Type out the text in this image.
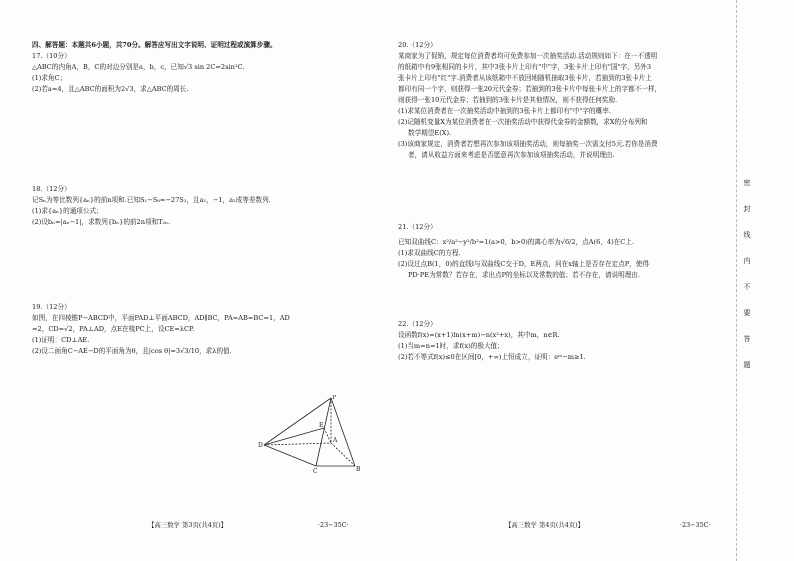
四、解答题：本题共6小题，共70分。解答应写出文字说明、证明过程或演算步骤。

17.（10分）

△ABC的内角A，B，C的对边分别是a，b，c，已知√3 sin 2C=2sin²C.

(1)求角C；

(2)若a=4，且△ABC的面积为2√3，求△ABC的周长.

18.（12分）

记Sₙ为等比数列{aₙ}的前n项和.已知S₁−S₈=−27S₂，且a₁，−1，a₂成等差数列.

(1)求{aₙ}的通项公式；

(2)设bₙ=|aₙ−1|，求数列{bₙ}的前2n项和T₂ₙ.

19.（12分）

如图，在四棱锥P−ABCD中，平面PAD⊥平面ABCD，AD∥BC，PA=AB=BC=1，AD

=2，CD=√2，PA⊥AD，点E在棱PC上，设CE=λCP.

(1)证明：CD⊥AE.

(2)设二面角C−AE−D的平面角为θ，且|cos θ|=3√3/10，求λ的值.

P
D
A
B
C
E

20.（12分）

某商家为了促销，规定每位消费者均可免费参加一次抽奖活动.活动规则如下：在一不透明

的纸箱中有9张相同的卡片，其中3张卡片上印有"中"字，3张卡片上印有"国"字，另外3

张卡片上印有"红"字.消费者从该纸箱中不放回地随机抽取3张卡片，若抽到的3张卡片上

都印有同一个字，则获得一张20元代金券；若抽到的3张卡片中每张卡片上的字都不一样，

则获得一张10元代金券；若抽到的3张卡片是其他情况，则不获得任何奖励.

(1)求某位消费者在一次抽奖活动中抽到的3张卡片上都印有"中"字的概率.

(2)记随机变量X为某位消费者在一次抽奖活动中获得代金券的金额数，求X的分布列和

数学期望E(X).

(3)该商家规定，消费者若想再次参加该项抽奖活动，则每抽奖一次需支付5元.若你是消费

者，请从收益方面来考虑是否愿意再次参加该项抽奖活动，并说明理由.

21.（12分）

已知双曲线C：x²/a²−y²/b²=1(a>0，b>0)的离心率为√6/2，点A(6，4)在C上.

(1)求双曲线C的方程.

(2)设过点B(1，0)的直线l与双曲线C交于D，E两点，问在x轴上是否存在定点P，使得

PD·PE为常数？若存在，求出点P的坐标以及常数的值；若不存在，请说明理由.

22.（12分）

设函数f(x)=(x+1)ln(x+m)−n(x²+x)，其中m，n∈R.

(1)当m=n=1时，求f(x)的极大值；

(2)若不等式f(x)≤0在区间[0，+∞)上恒成立，证明：eᵐ−m≥1.

【高三数学 第3页(共4页)】	·23−35C·	【高三数学 第4页(共4页)】	·23−35C·
密
封
线
内
不
要
答
题
